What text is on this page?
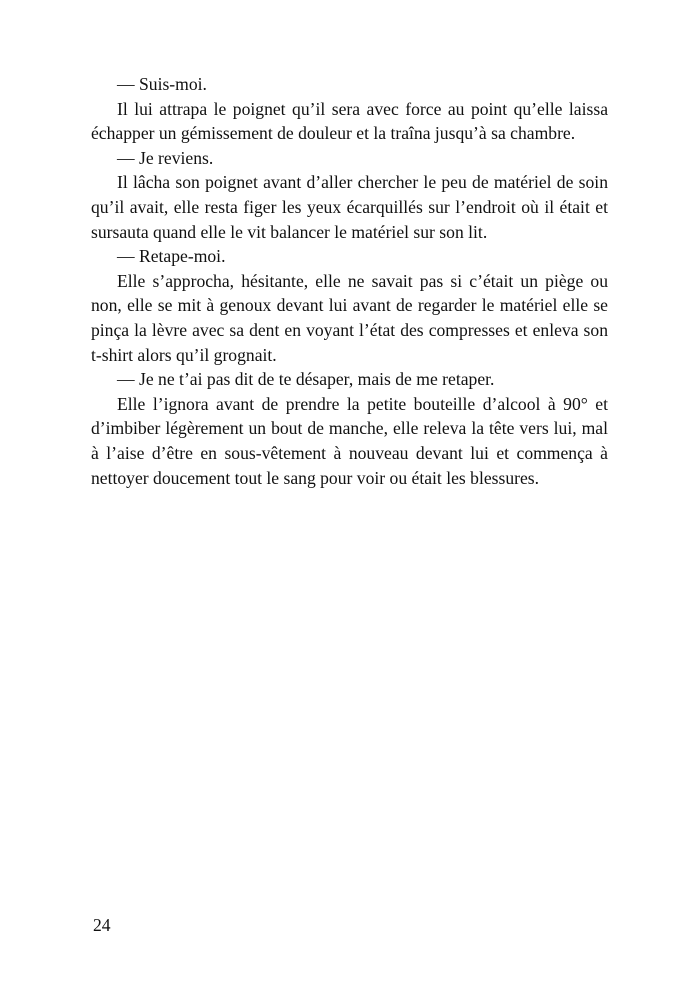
— Suis-moi.

Il lui attrapa le poignet qu’il sera avec force au point qu’elle laissa échapper un gémissement de douleur et la traîna jusqu’à sa chambre.

— Je reviens.

Il lâcha son poignet avant d’aller chercher le peu de matériel de soin qu’il avait, elle resta figer les yeux écarquillés sur l’endroit où il était et sursauta quand elle le vit balancer le matériel sur son lit.

— Retape-moi.

Elle s’approcha, hésitante, elle ne savait pas si c’était un piège ou non, elle se mit à genoux devant lui avant de regarder le matériel elle se pinça la lèvre avec sa dent en voyant l’état des compresses et enleva son t-shirt alors qu’il grognait.

— Je ne t’ai pas dit de te désaper, mais de me retaper.

Elle l’ignora avant de prendre la petite bouteille d’alcool à 90° et d’imbiber légèrement un bout de manche, elle releva la tête vers lui, mal à l’aise d’être en sous-vêtement à nouveau devant lui et commença à nettoyer doucement tout le sang pour voir ou était les blessures.

24
